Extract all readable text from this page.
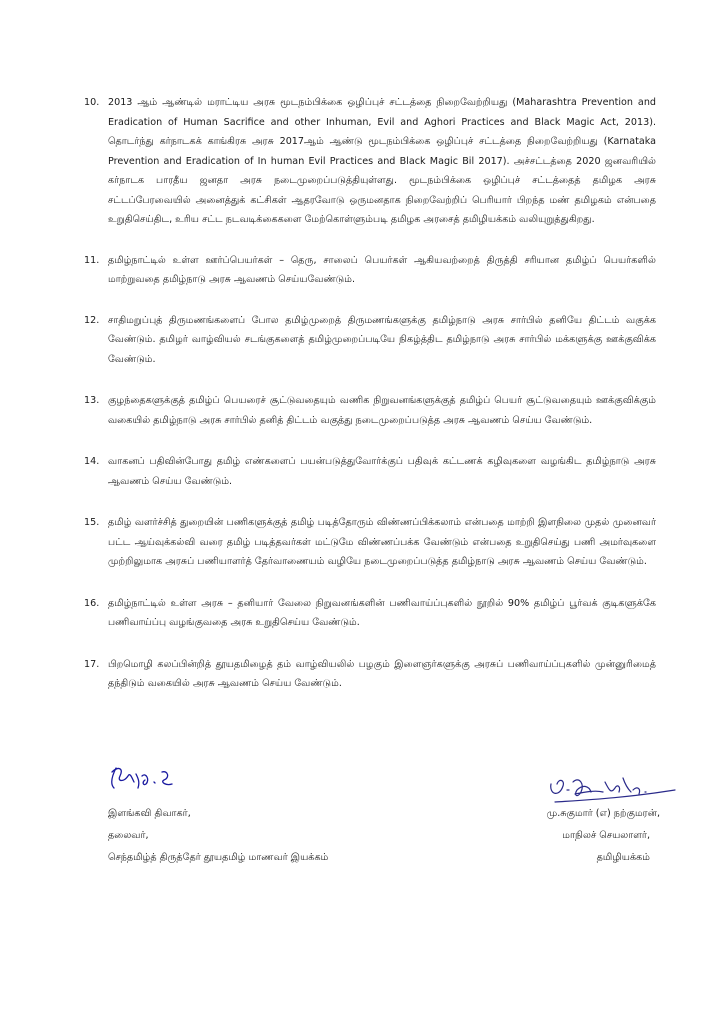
10. 2013 ஆம் ஆண்டில் மராட்டிய அரசு மூடநம்பிக்கை ஒழிப்புச் சட்டத்தை நிறைவேற்றியது (Maharashtra Prevention and Eradication of Human Sacrifice and other Inhuman, Evil and Aghori Practices and Black Magic Act, 2013). தொடர்ந்து கர்நாடகக் காங்கிரசு அரசு 2017ஆம் ஆண்டு மூடநம்பிக்கை ஒழிப்புச் சட்டத்தை நிறைவேற்றியது (Karnataka Prevention and Eradication of In human Evil Practices and Black Magic Bil 2017). அச்சட்டத்தை 2020 ஜனவரியில் கர்நாடக பாரதீய ஜனதா அரசு நடைமுறைப்படுத்தியுள்ளது. மூடநம்பிக்கை ஒழிப்புச் சட்டத்தைத் தமிழக அரசு சட்டப்பேரவையில் அனைத்துக் கட்சிகள் ஆதரவோடு ஒருமனதாக நிறைவேற்றிப் பெரியார் பிறந்த மண் தமிழகம் என்பதை உறுதிசெய்திட, உரிய சட்ட நடவடிக்கைகளை மேற்கொள்ளும்படி தமிழக அரசைத் தமிழியக்கம் வலியுறுத்துகிறது.

11. தமிழ்நாட்டில் உள்ள ஊர்ப்பெயர்கள் – தெரு, சாலைப் பெயர்கள் ஆகியவற்றைத் திருத்தி சரியான தமிழ்ப் பெயர்களில் மாற்றுவதை தமிழ்நாடு அரசு ஆவணம் செய்யவேண்டும்.

12. சாதிமறுப்புத் திருமணங்களைப் போல தமிழ்முறைத் திருமணங்களுக்கு தமிழ்நாடு அரசு சார்பில் தனியே திட்டம் வகுக்க வேண்டும். தமிழர் வாழ்வியல் சடங்குகளைத் தமிழ்முறைப்படியே நிகழ்த்திட தமிழ்நாடு அரசு சார்பில் மக்களுக்கு ஊக்குவிக்க வேண்டும்.

13. குழந்தைகளுக்குத் தமிழ்ப் பெயரைச் சூட்டுவதையும் வணிக நிறுவனங்களுக்குத் தமிழ்ப் பெயர் சூட்டுவதையும் ஊக்குவிக்கும் வகையில் தமிழ்நாடு அரசு சார்பில் தனித் திட்டம் வகுத்து நடைமுறைப்படுத்த அரசு ஆவணம் செய்ய வேண்டும்.

14. வாகனப் பதிவின்போது தமிழ் எண்களைப் பயன்படுத்துவோர்க்குப் பதிவுக் கட்டணக் கழிவுகளை வழங்கிட தமிழ்நாடு அரசு ஆவணம் செய்ய வேண்டும்.

15. தமிழ் வளர்ச்சித் துறையின் பணிகளுக்குத் தமிழ் படித்தோரும் விண்ணப்பிக்கலாம் என்பதை மாற்றி இளநிலை முதல் முனைவர் பட்ட ஆய்வுக்கல்வி வரை தமிழ் படித்தவர்கள் மட்டுமே விண்ணப்பக்க வேண்டும் என்பதை உறுதிசெய்து பணி அமர்வுகளை முற்றிலுமாக அரசுப் பணியாளர்த் தேர்வாணையம் வழியே நடைமுறைப்படுத்த தமிழ்நாடு அரசு ஆவணம் செய்ய வேண்டும்.

16. தமிழ்நாட்டில் உள்ள அரசு – தனியார் வேலை நிறுவனங்களின் பணிவாய்ப்புகளில் நூறில் 90% தமிழ்ப் பூர்வக் குடிகளுக்கே பணிவாய்ப்பு வழங்குவதை அரசு உறுதிசெய்ய வேண்டும்.

17. பிறமொழி கலப்பின்றித் தூயதமிழைத் தம் வாழ்வியலில் பழகும் இளைஞர்களுக்கு அரசுப் பணிவாய்ப்புகளில் முன்னுரிமைத் தந்திடும் வகையில் அரசு ஆவணம் செய்ய வேண்டும்.

இளங்கவி திவாகர்,
தலைவர்,
செந்தமிழ்த் திருத்தேர் தூயதமிழ் மாணவர் இயக்கம்
மு.சுகுமார் (எ) நற்குமரன்,
மாநிலச் செயலாளர்,
தமிழியக்கம்
